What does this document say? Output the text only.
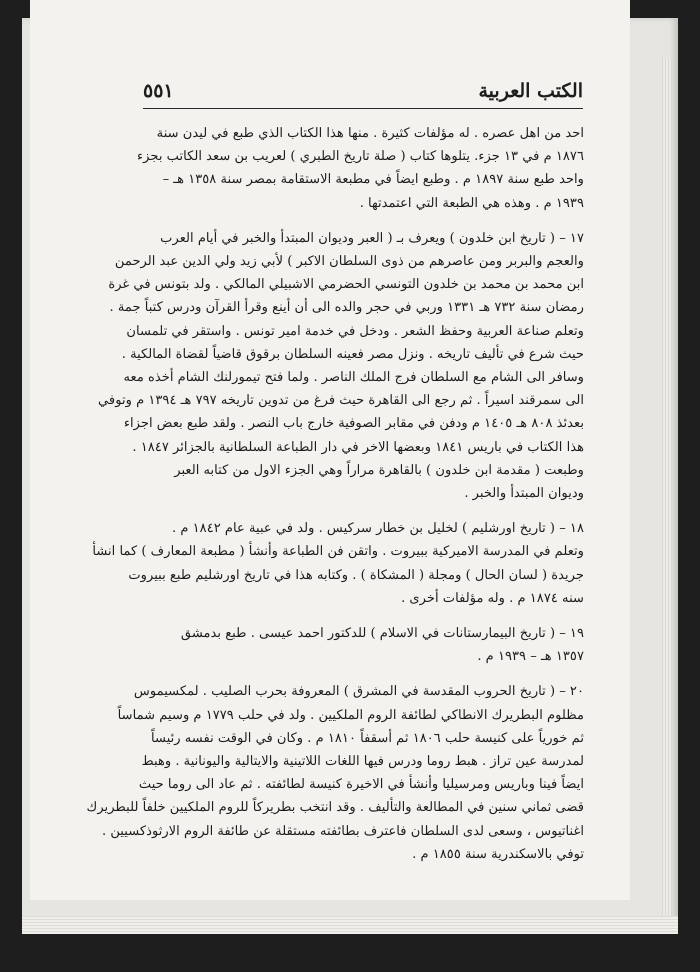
الكتب العربية
٥٥١
احد من اهل عصره . له مؤلفات كثيرة . منها هذا الكتاب الذي طبع في ليدن سنة
١٨٧٦ م في ١٣ جزء. يتلوها كتاب ( صلة تاريخ الطبري ) لعريب بن سعد الكاتب بجزء
واحد طبع سنة ١٨٩٧ م . وطبع ايضاً في مطبعة الاستقامة بمصر سنة ١٣٥٨ هـ –
١٩٣٩ م . وهذه هي الطبعة التي اعتمدتها .
١٧ – ( تاريخ ابن خلدون ) ويعرف بـ ( العبر وديوان المبتدأ والخبر في أيام العرب
والعجم والبربر ومن عاصرهم من ذوى السلطان الاكبر ) لأبي زيد ولي الدين عبد الرحمن
ابن محمد بن محمد بن خلدون التونسي الحضرمي الاشبيلي المالكي . ولد بتونس في غرة
رمضان سنة ٧٣٢ هـ ١٣٣١ وربي في حجر والده الى أن أينع وقرأ القرآن ودرس كتباً جمة .
وتعلم صناعة العربية وحفظ الشعر . ودخل في خدمة امير تونس . واستقر في تلمسان
حيث شرع في تأليف تاريخه . ونزل مصر فعينه السلطان برقوق قاضياً لقضاة المالكية .
وسافر الى الشام مع السلطان فرج الملك الناصر . ولما فتح تيمورلنك الشام أخذه معه
الى سمرقند اسيراً . ثم رجع الى القاهرة حيث فرغ من تدوين تاريخه ٧٩٧ هـ ١٣٩٤ م وتوفي
بعدئذ ٨٠٨ هـ ١٤٠٥ م ودفن في مقابر الصوفية خارج باب النصر . ولقد طبع بعض اجزاء
هذا الكتاب في باريس ١٨٤١ وبعضها الاخر في دار الطباعة السلطانية بالجزائر ١٨٤٧ .
وطبعت ( مقدمة ابن خلدون ) بالقاهرة مراراً وهي الجزء الاول من كتابه العبر
وديوان المبتدأ والخبر .
١٨ – ( تاريخ اورشليم ) لخليل بن خطار سركيس . ولد في عبية عام ١٨٤٢ م .
وتعلم في المدرسة الاميركية ببيروت . واتقن فن الطباعة وأنشأ ( مطبعة المعارف ) كما انشأ
جريدة ( لسان الحال ) ومجلة ( المشكاة ) . وكتابه هذا في تاريخ اورشليم طبع ببيروت
سنه ١٨٧٤ م . وله مؤلفات أخرى .
١٩ – ( تاريخ البيمارستانات في الاسلام ) للدكتور احمد عيسى . طبع بدمشق
١٣٥٧ هـ – ١٩٣٩ م .
٢٠ – ( تاريخ الحروب المقدسة في المشرق ) المعروفة بحرب الصليب . لمكسيموس
مظلوم البطريرك الانطاكي لطائفة الروم الملكيين . ولد في حلب ١٧٧٩ م وسيم شماساً
ثم خورياً على كنيسة حلب ١٨٠٦ ثم أسقفاً ١٨١٠ م . وكان في الوقت نفسه رئيساً
لمدرسة عين تراز . هبط روما ودرس فيها اللغات اللاتينية والايتالية واليونانية . وهبط
ايضاً فينا وباريس ومرسيليا وأنشأ في الاخيرة كنيسة لطائفته . ثم عاد الى روما حيث
قضى ثماني سنين في المطالعة والتأليف . وقد انتخب بطريركاً للروم الملكيين خلفاً للبطريرك
اغناتيوس ، وسعى لدى السلطان فاعترف بطائفته مستقلة عن طائفة الروم الارثوذكسيين .
توفي بالاسكندرية سنة ١٨٥٥ م .
